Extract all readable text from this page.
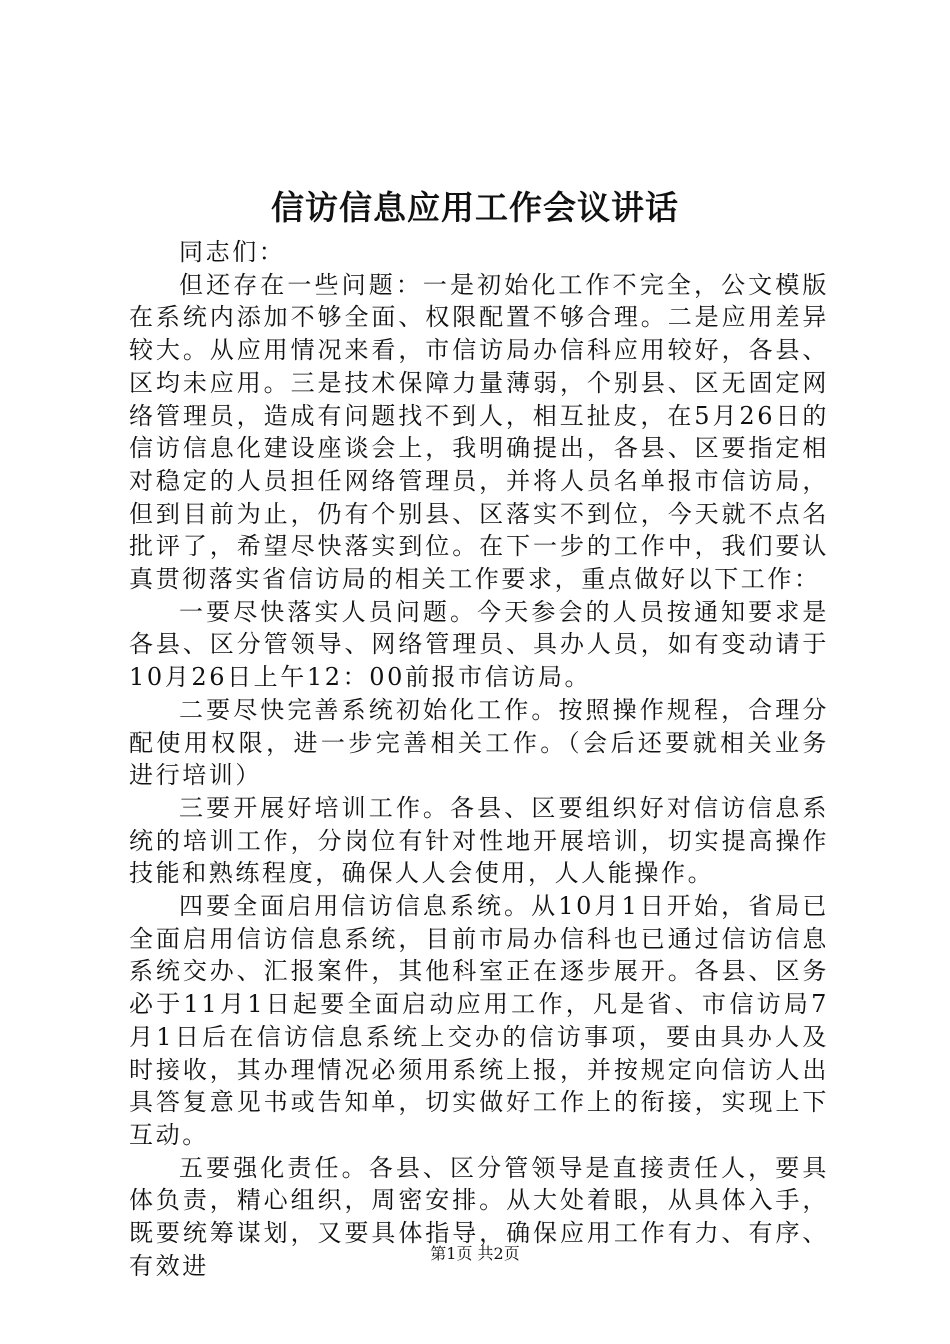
信访信息应用工作会议讲话

同志们：

但还存在一些问题：一是初始化工作不完全，公文模版在系统内添加不够全面、权限配置不够合理。二是应用差异较大。从应用情况来看，市信访局办信科应用较好，各县、区均未应用。三是技术保障力量薄弱，个别县、区无固定网络管理员，造成有问题找不到人，相互扯皮，在5月26日的信访信息化建设座谈会上，我明确提出，各县、区要指定相对稳定的人员担任网络管理员，并将人员名单报市信访局，但到目前为止，仍有个别县、区落实不到位，今天就不点名批评了，希望尽快落实到位。在下一步的工作中，我们要认真贯彻落实省信访局的相关工作要求，重点做好以下工作：

一要尽快落实人员问题。今天参会的人员按通知要求是各县、区分管领导、网络管理员、具办人员，如有变动请于10月26日上午12：00前报市信访局。

二要尽快完善系统初始化工作。按照操作规程，合理分配使用权限，进一步完善相关工作。（会后还要就相关业务进行培训）

三要开展好培训工作。各县、区要组织好对信访信息系统的培训工作，分岗位有针对性地开展培训，切实提高操作技能和熟练程度，确保人人会使用，人人能操作。

四要全面启用信访信息系统。从10月1日开始，省局已全面启用信访信息系统，目前市局办信科也已通过信访信息系统交办、汇报案件，其他科室正在逐步展开。各县、区务必于11月1日起要全面启动应用工作，凡是省、市信访局7月1日后在信访信息系统上交办的信访事项，要由具办人及时接收，其办理情况必须用系统上报，并按规定向信访人出具答复意见书或告知单，切实做好工作上的衔接，实现上下互动。

五要强化责任。各县、区分管领导是直接责任人，要具体负责，精心组织，周密安排。从大处着眼，从具体入手，既要统筹谋划，又要具体指导，确保应用工作有力、有序、有效进	第1页 共2页
